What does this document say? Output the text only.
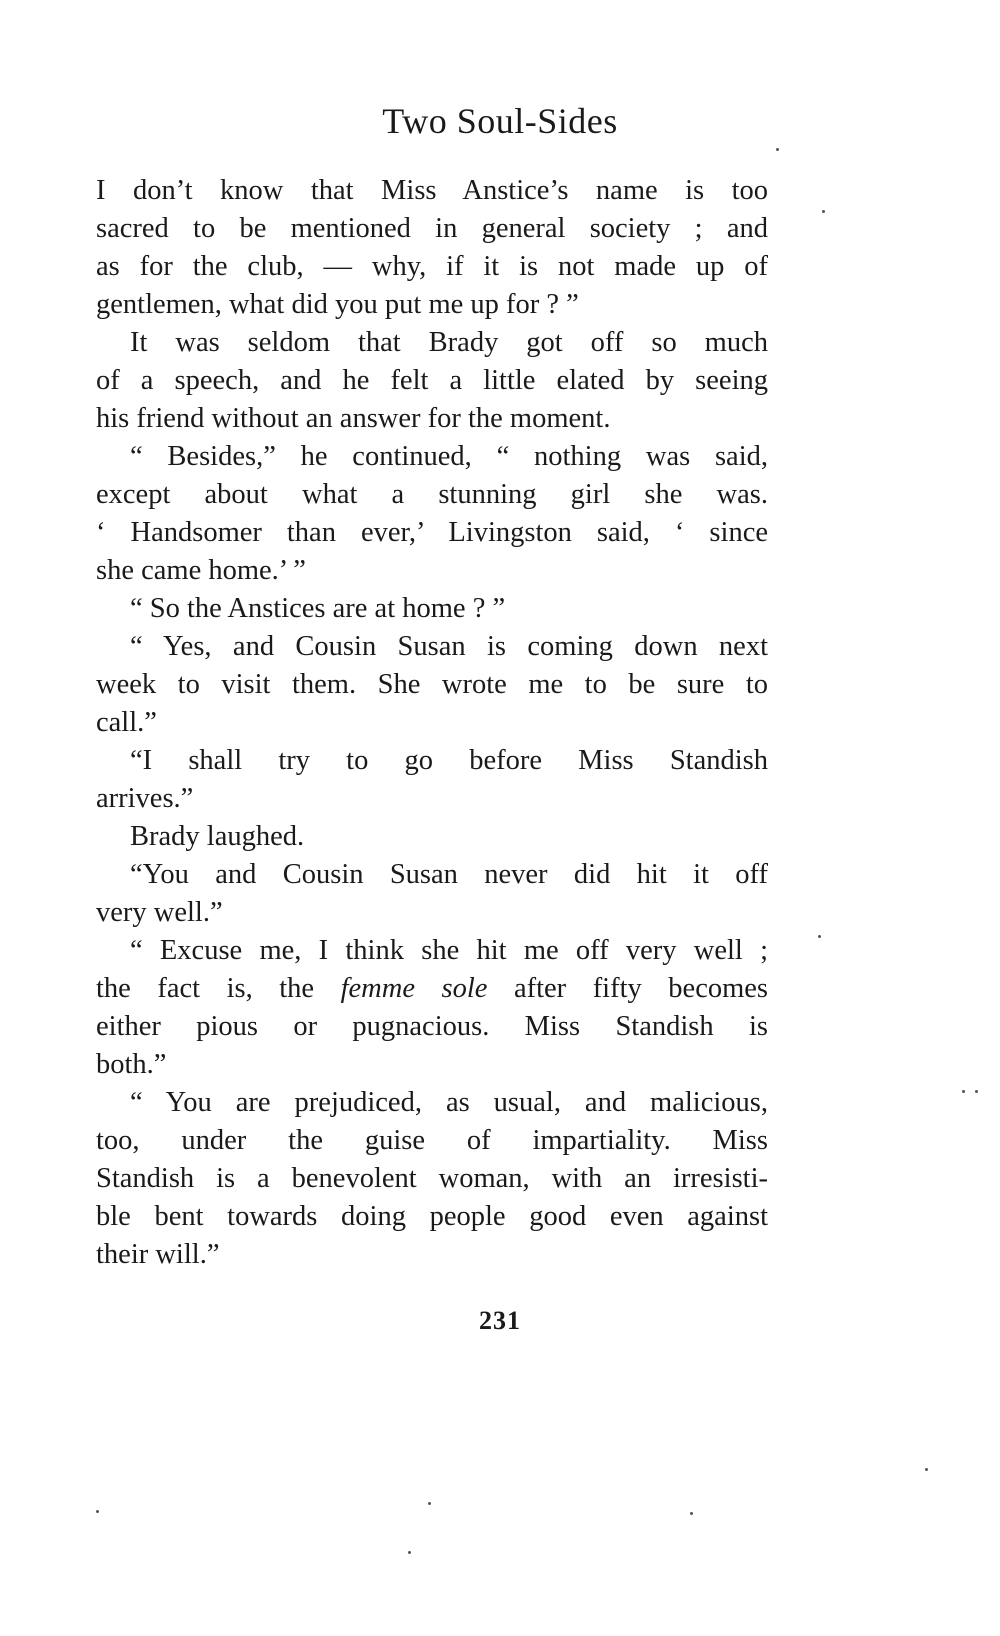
Two Soul-Sides
I don’t know that Miss Anstice’s name is too
sacred to be mentioned in general society ; and
as for the club, — why, if it is not made up of
gentlemen, what did you put me up for ? ”
It was seldom that Brady got off so much
of a speech, and he felt a little elated by seeing
his friend without an answer for the moment.
“ Besides,” he continued, “ nothing was said,
except about what a stunning girl she was.
‘ Handsomer than ever,’ Livingston said, ‘ since
she came home.’ ”
“ So the Anstices are at home ? ”
“ Yes, and Cousin Susan is coming down next
week to visit them. She wrote me to be sure to
call.”
“I shall try to go before Miss Standish
arrives.”
Brady laughed.
“You and Cousin Susan never did hit it off
very well.”
“ Excuse me, I think she hit me off very well ;
the fact is, the femme sole after fifty becomes
either pious or pugnacious. Miss Standish is
both.”
“ You are prejudiced, as usual, and malicious,
too, under the guise of impartiality. Miss
Standish is a benevolent woman, with an irresisti-
ble bent towards doing people good even against
their will.”
231
